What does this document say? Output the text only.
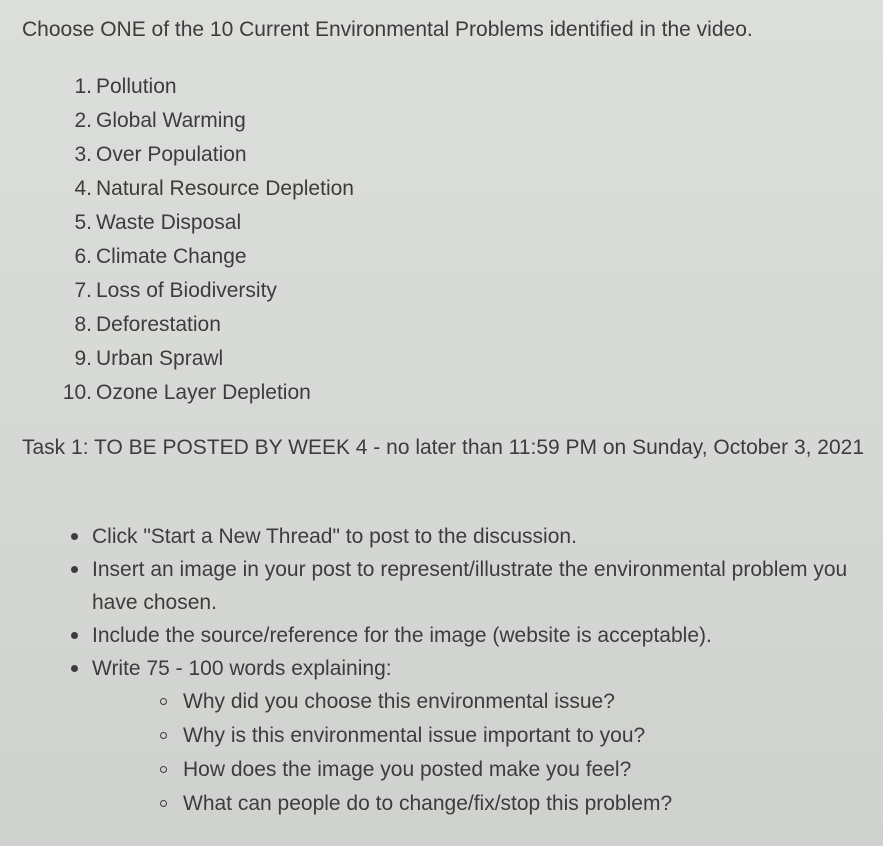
Choose ONE of the 10 Current Environmental Problems identified in the video.
1. Pollution
2. Global Warming
3. Over Population
4. Natural Resource Depletion
5. Waste Disposal
6. Climate Change
7. Loss of Biodiversity
8. Deforestation
9. Urban Sprawl
10. Ozone Layer Depletion
Task 1: TO BE POSTED BY WEEK 4 - no later than 11:59 PM on Sunday, October 3, 2021
Click "Start a New Thread" to post to the discussion.
Insert an image in your post to represent/illustrate the environmental problem you have chosen.
Include the source/reference for the image (website is acceptable).
Write 75 - 100 words explaining:
Why did you choose this environmental issue?
Why is this environmental issue important to you?
How does the image you posted make you feel?
What can people do to change/fix/stop this problem?
